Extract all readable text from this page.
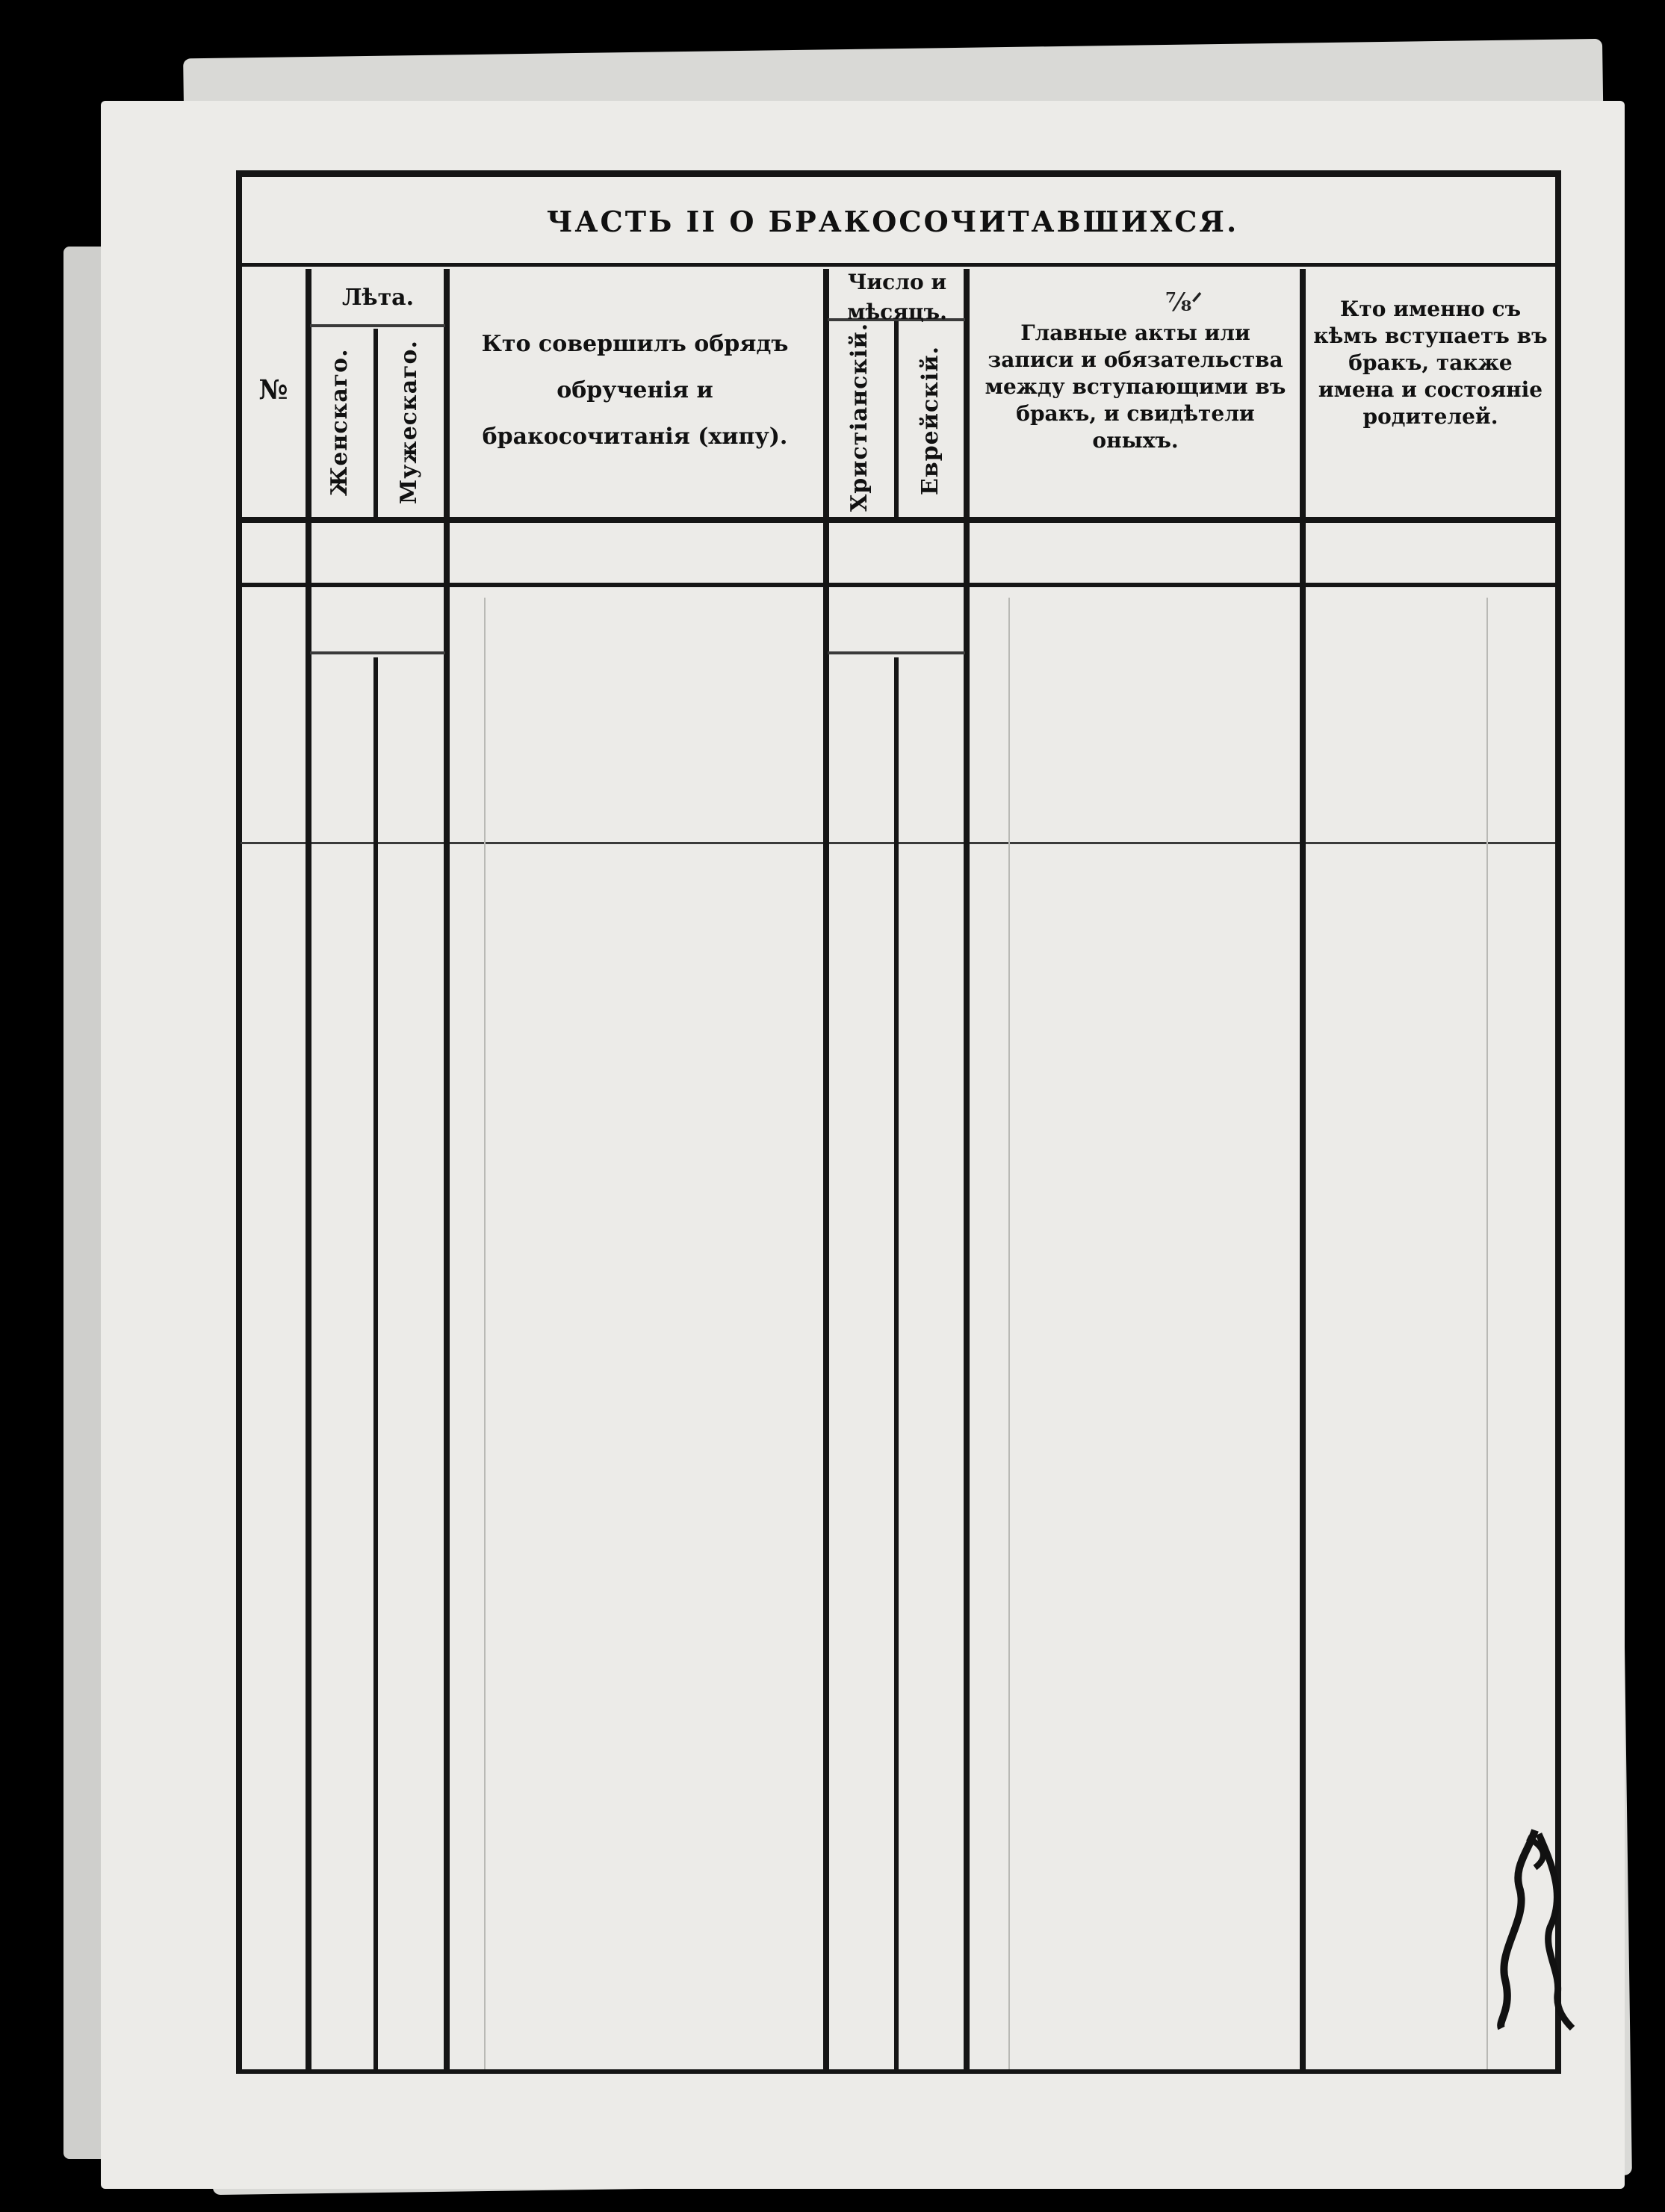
ЧАСТЬ II О БРАКОСОЧИТАВШИХСЯ.
№
Лѣта.
Женскаго. Мужескаго.	Кто совершилъ обрядъ обрученія и бракосочитанія (хипу).
Число и мѣсяцъ.
Христіанскій. Еврейскій.
Главные акты или записи и обязательства между вступающими въ бракъ, и свидѣтели оныхъ.
⅞ᐟ	Кто именно съ кѣмъ вступаетъ въ бракъ, также имена и состояніе родителей.
